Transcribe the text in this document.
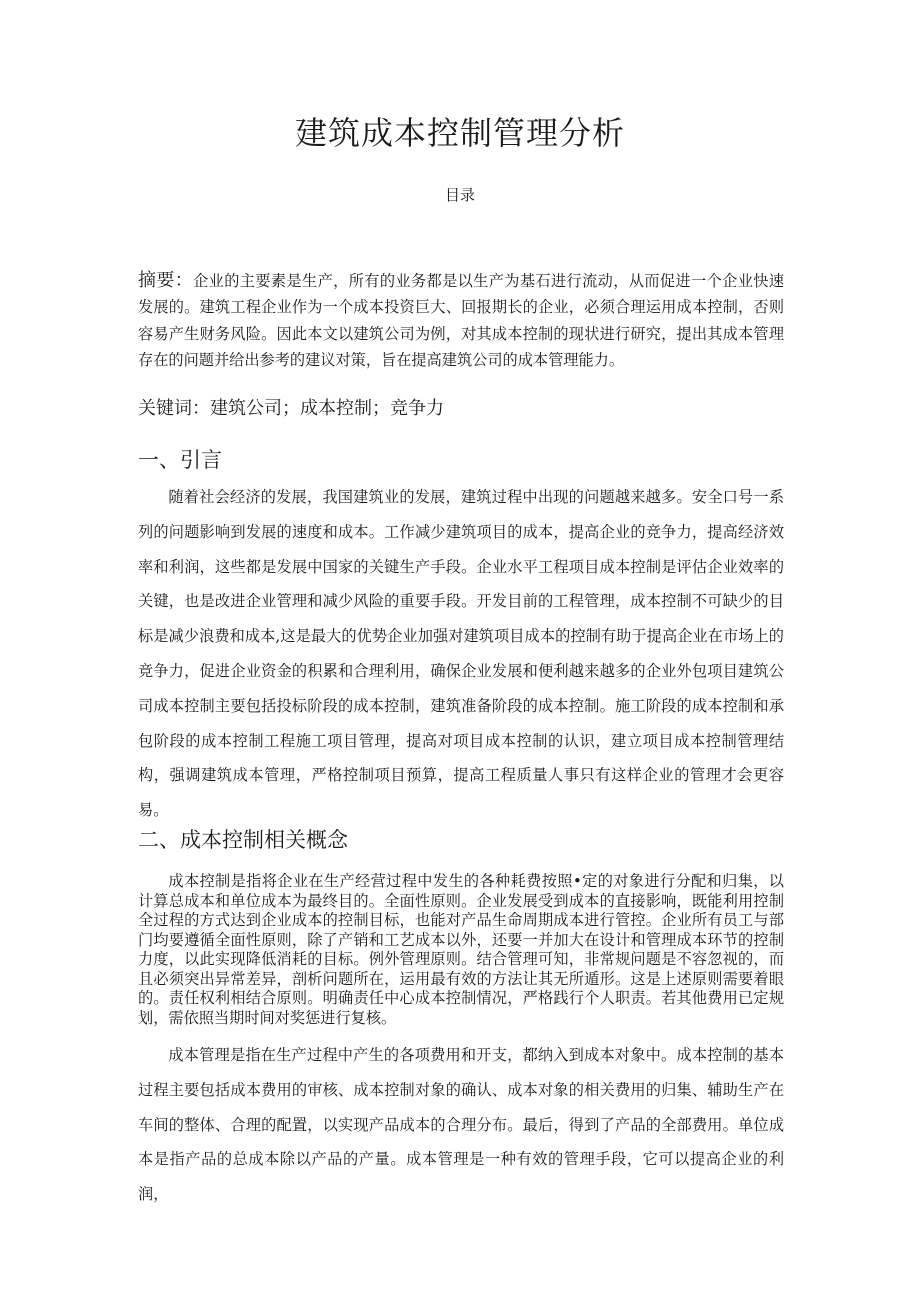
建筑成本控制管理分析
目录
摘要：企业的主要素是生产，所有的业务都是以生产为基石进行流动，从而促进一个企业快速发展的。建筑工程企业作为一个成本投资巨大、回报期长的企业，必须合理运用成本控制，否则容易产生财务风险。因此本文以建筑公司为例，对其成本控制的现状进行研究，提出其成本管理存在的问题并给出参考的建议对策，旨在提高建筑公司的成本管理能力。
关键词：建筑公司；成本控制；竞争力
一、引言

随着社会经济的发展，我国建筑业的发展，建筑过程中出现的问题越来越多。安全口号一系列的问题影响到发展的速度和成本。工作减少建筑项目的成本，提高企业的竞争力，提高经济效率和利润，这些都是发展中国家的关键生产手段。企业水平工程项目成本控制是评估企业效率的关键，也是改进企业管理和减少风险的重要手段。开发目前的工程管理，成本控制不可缺少的目标是减少浪费和成本,这是最大的优势企业加强对建筑项目成本的控制有助于提高企业在市场上的竞争力，促进企业资金的积累和合理利用，确保企业发展和便利越来越多的企业外包项目建筑公司成本控制主要包括投标阶段的成本控制，建筑准备阶段的成本控制。施工阶段的成本控制和承包阶段的成本控制工程施工项目管理，提高对项目成本控制的认识，建立项目成本控制管理结构，强调建筑成本管理，严格控制项目预算，提高工程质量人事只有这样企业的管理才会更容易。

二、成本控制相关概念

成本控制是指将企业在生产经营过程中发生的各种耗费按照•定的对象进行分配和归集，以计算总成本和单位成本为最终目的。全面性原则。企业发展受到成本的直接影响，既能利用控制全过程的方式达到企业成本的控制目标，也能对产品生命周期成本进行管控。企业所有员工与部门均要遵循全面性原则，除了产销和工艺成本以外，还要一并加大在设计和管理成本环节的控制力度，以此实现降低消耗的目标。例外管理原则。结合管理可知，非常规问题是不容忽视的，而且必须突出异常差异，剖析问题所在，运用最有效的方法让其无所遁形。这是上述原则需要着眼的。责任权利相结合原则。明确责任中心成本控制情况，严格践行个人职责。若其他费用已定规划，需依照当期时间对奖惩进行复核。

成本管理是指在生产过程中产生的各项费用和开支，都纳入到成本对象中。成本控制的基本过程主要包括成本费用的审核、成本控制对象的确认、成本对象的相关费用的归集、辅助生产在车间的整体、合理的配置，以实现产品成本的合理分布。最后，得到了产品的全部费用。单位成本是指产品的总成本除以产品的产量。成本管理是一种有效的管理手段，它可以提高企业的利润，
